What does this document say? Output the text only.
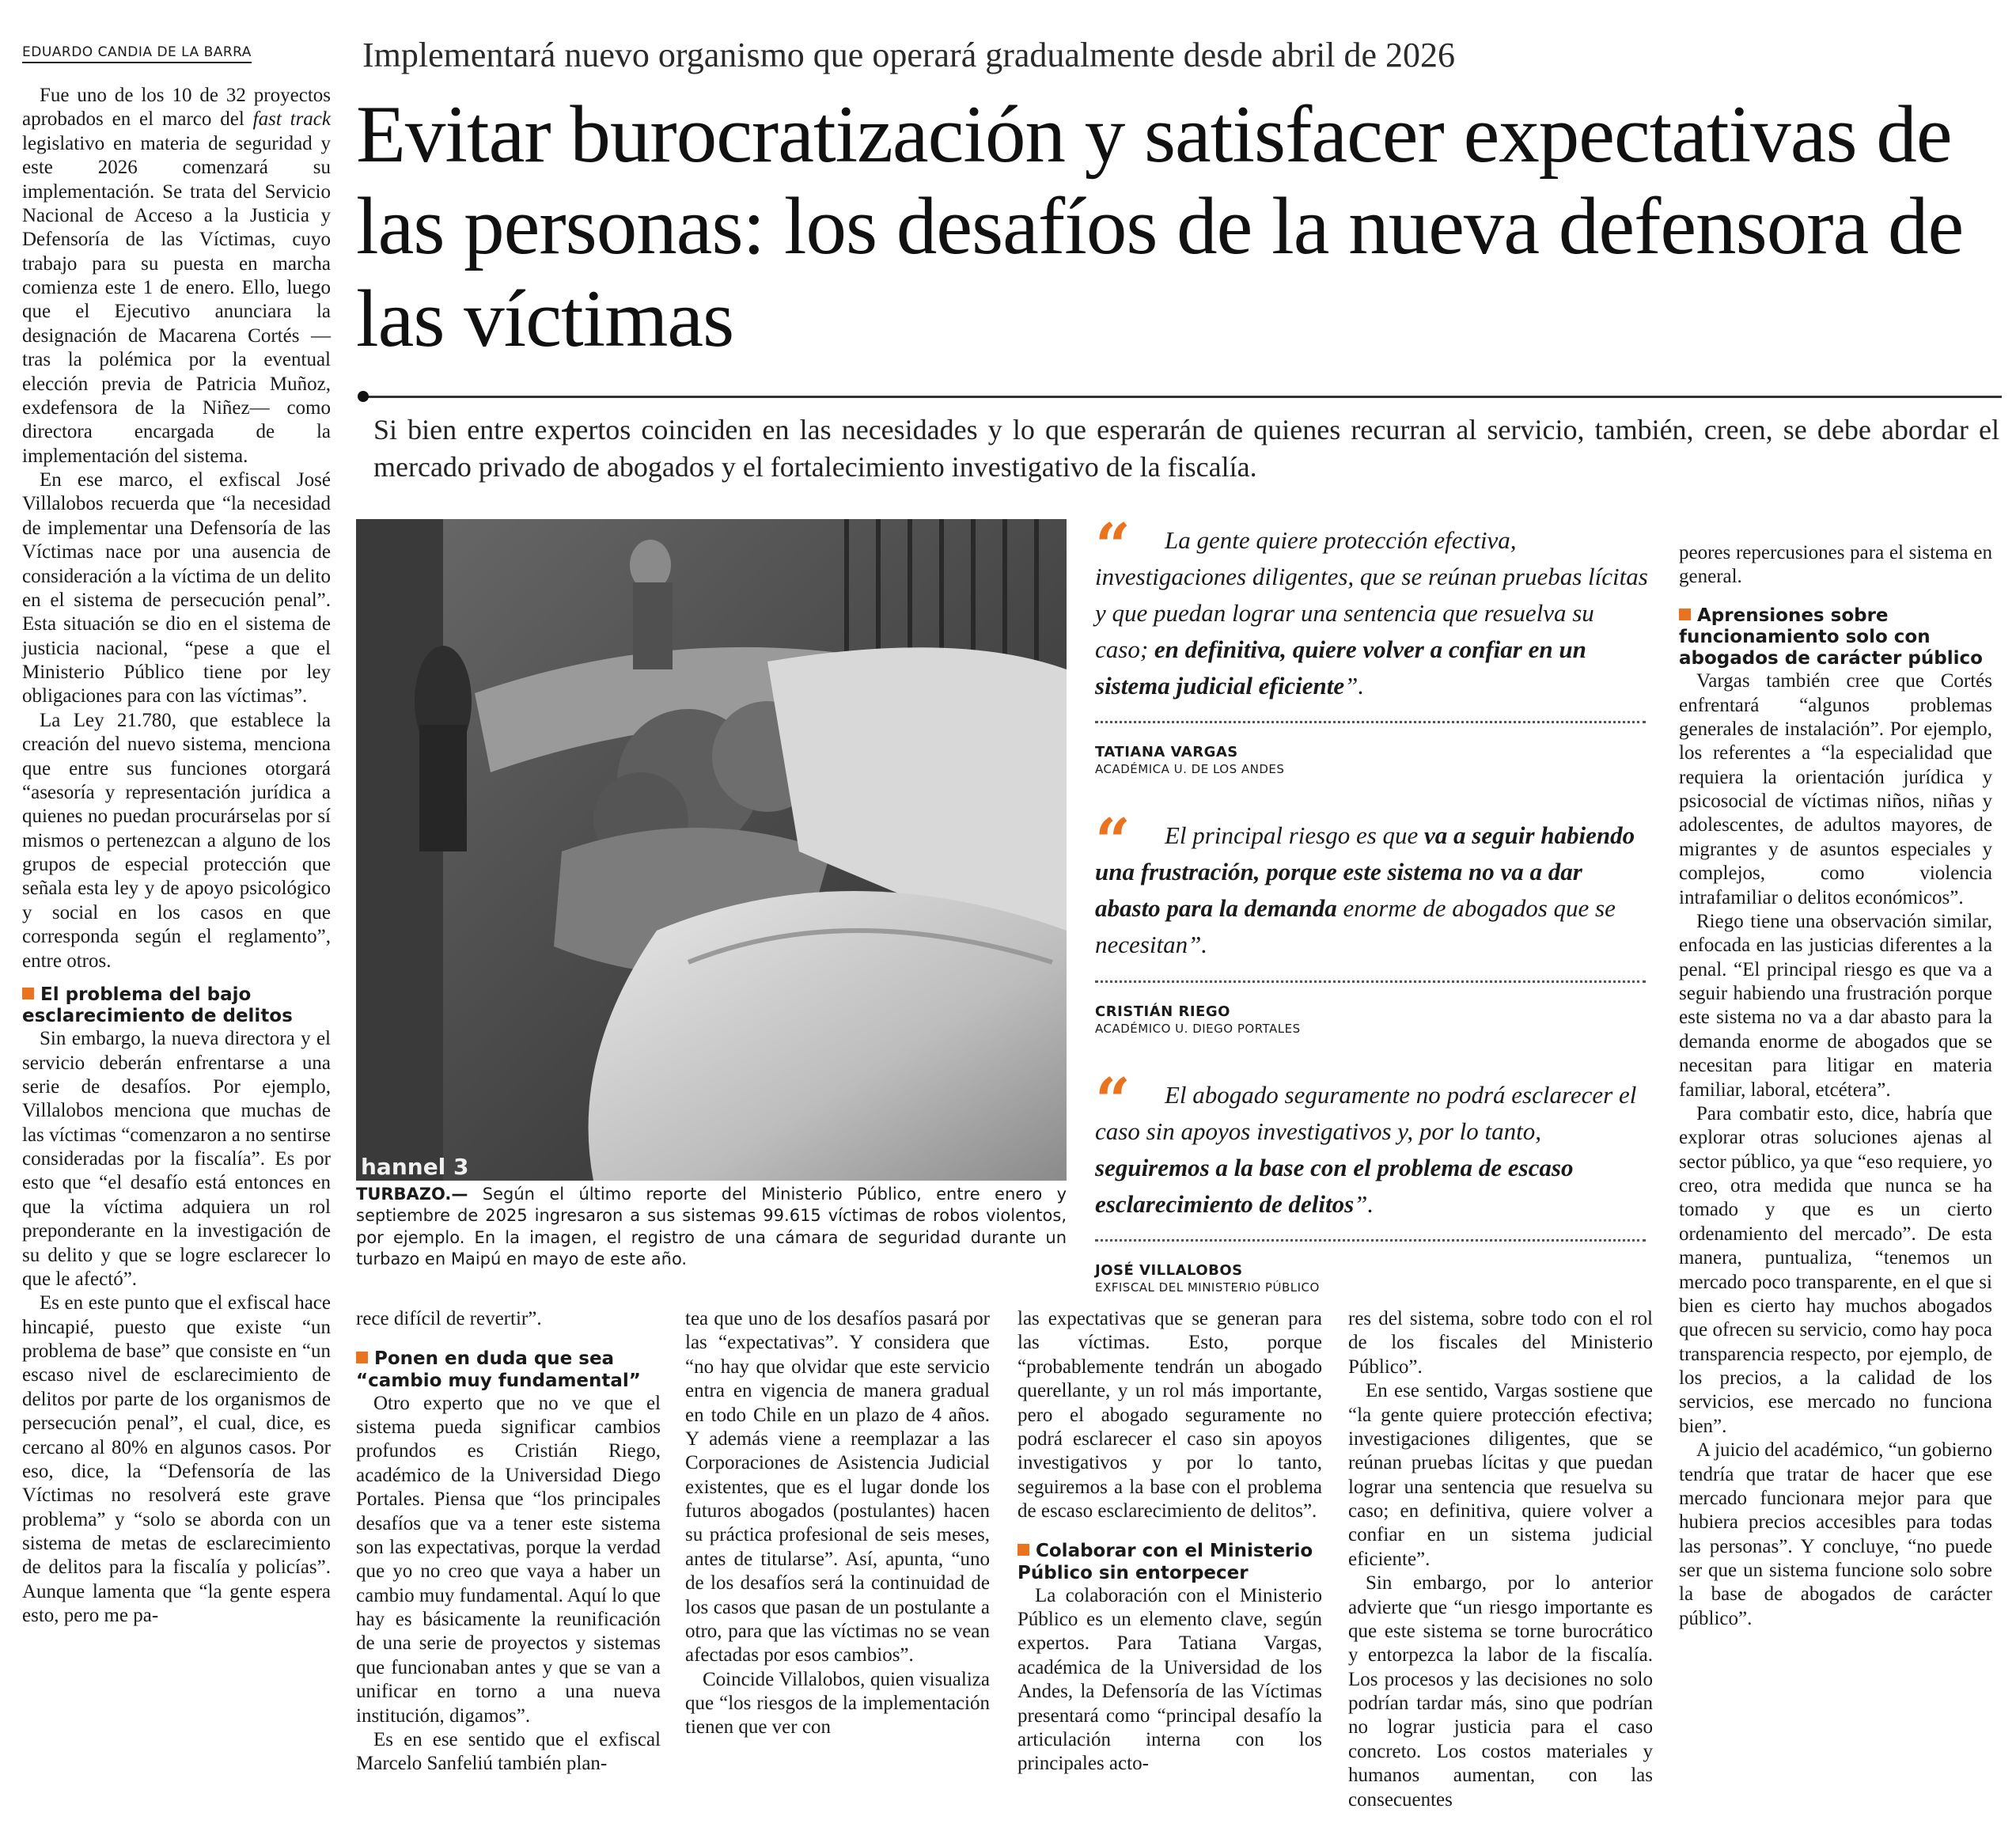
EDUARDO CANDIA DE LA BARRA	Implementará nuevo organismo que operará gradualmente desde abril de 2026
Evitar burocratización y satisfacer expectativas de las personas: los desafíos de la nueva defensora de las víctimas

Si bien entre expertos coinciden en las necesidades y lo que esperarán de quienes recurran al servicio, también, creen, se debe abordar el mercado privado de abogados y el fortalecimiento investigativo de la fiscalía.

Fue uno de los 10 de 32 proyectos aprobados en el marco del fast track legislativo en materia de seguridad y este 2026 comenzará su implementación. Se trata del Servicio Nacional de Acceso a la Justicia y Defensoría de las Víctimas, cuyo trabajo para su puesta en marcha comienza este 1 de enero. Ello, luego que el Ejecutivo anunciara la designación de Macarena Cortés —tras la polémica por la eventual elección previa de Patricia Muñoz, exdefensora de la Niñez— como directora encargada de la implementación del sistema.

En ese marco, el exfiscal José Villalobos recuerda que “la necesidad de implementar una Defensoría de las Víctimas nace por una ausencia de consideración a la víctima de un delito en el sistema de persecución penal”. Esta situación se dio en el sistema de justicia nacional, “pese a que el Ministerio Público tiene por ley obligaciones para con las víctimas”.

La Ley 21.780, que establece la creación del nuevo sistema, menciona que entre sus funciones otorgará “asesoría y representación jurídica a quienes no puedan procurárselas por sí mismos o pertenezcan a alguno de los grupos de especial protección que señala esta ley y de apoyo psicológico y social en los casos en que corresponda según el reglamento”, entre otros.

El problema del bajo esclarecimiento de delitos

Sin embargo, la nueva directora y el servicio deberán enfrentarse a una serie de desafíos. Por ejemplo, Villalobos menciona que muchas de las víctimas “comenzaron a no sentirse consideradas por la fiscalía”. Es por esto que “el desafío está entonces en que la víctima adquiera un rol preponderante en la investigación de su delito y que se logre esclarecer lo que le afectó”.

Es en este punto que el exfiscal hace hincapié, puesto que existe “un problema de base” que consiste en “un escaso nivel de esclarecimiento de delitos por parte de los organismos de persecución penal”, el cual, dice, es cercano al 80% en algunos casos. Por eso, dice, la “Defensoría de las Víctimas no resolverá este grave problema” y “solo se aborda con un sistema de metas de esclarecimiento de delitos para la fiscalía y policías”. Aunque lamenta que “la gente espera esto, pero me pa-

hannel 3

TURBAZO.— Según el último reporte del Ministerio Público, entre enero y septiembre de 2025 ingresaron a sus sistemas 99.615 víctimas de robos violentos, por ejemplo. En la imagen, el registro de una cámara de seguridad durante un turbazo en Maipú en mayo de este año.

“	La gente quiere protección efectiva, investigaciones diligentes, que se reúnan pruebas lícitas y que puedan lograr una sentencia que resuelva su caso; en definitiva, quiere volver a confiar en un sistema judicial eficiente”.

TATIANA VARGAS
ACADÉMICA U. DE LOS ANDES
“	El principal riesgo es que va a seguir habiendo una frustración, porque este sistema no va a dar abasto para la demanda enorme de abogados que se necesitan”.

CRISTIÁN RIEGO
ACADÉMICO U. DIEGO PORTALES
“	El abogado seguramente no podrá esclarecer el caso sin apoyos investigativos y, por lo tanto, seguiremos a la base con el problema de escaso esclarecimiento de delitos”.

JOSÉ VILLALOBOS
EXFISCAL DEL MINISTERIO PÚBLICO

rece difícil de revertir”.

Ponen en duda que sea “cambio muy fundamental”

Otro experto que no ve que el sistema pueda significar cambios profundos es Cristián Riego, académico de la Universidad Diego Portales. Piensa que “los principales desafíos que va a tener este sistema son las expectativas, porque la verdad que yo no creo que vaya a haber un cambio muy fundamental. Aquí lo que hay es básicamente la reunificación de una serie de proyectos y sistemas que funcionaban antes y que se van a unificar en torno a una nueva institución, digamos”.

Es en ese sentido que el exfiscal Marcelo Sanfeliú también plan-

tea que uno de los desafíos pasará por las “expectativas”. Y considera que “no hay que olvidar que este servicio entra en vigencia de manera gradual en todo Chile en un plazo de 4 años. Y además viene a reemplazar a las Corporaciones de Asistencia Judicial existentes, que es el lugar donde los futuros abogados (postulantes) hacen su práctica profesional de seis meses, antes de titularse”. Así, apunta, “uno de los desafíos será la continuidad de los casos que pasan de un postulante a otro, para que las víctimas no se vean afectadas por esos cambios”.

Coincide Villalobos, quien visualiza que “los riesgos de la implementación tienen que ver con

las expectativas que se generan para las víctimas. Esto, porque “probablemente tendrán un abogado querellante, y un rol más importante, pero el abogado seguramente no podrá esclarecer el caso sin apoyos investigativos y por lo tanto, seguiremos a la base con el problema de escaso esclarecimiento de delitos”.

Colaborar con el Ministerio Público sin entorpecer

La colaboración con el Ministerio Público es un elemento clave, según expertos. Para Tatiana Vargas, académica de la Universidad de los Andes, la Defensoría de las Víctimas presentará como “principal desafío la articulación interna con los principales acto-

res del sistema, sobre todo con el rol de los fiscales del Ministerio Público”.

En ese sentido, Vargas sostiene que “la gente quiere protección efectiva; investigaciones diligentes, que se reúnan pruebas lícitas y que puedan lograr una sentencia que resuelva su caso; en definitiva, quiere volver a confiar en un sistema judicial eficiente”.

Sin embargo, por lo anterior advierte que “un riesgo importante es que este sistema se torne burocrático y entorpezca la labor de la fiscalía. Los procesos y las decisiones no solo podrían tardar más, sino que podrían no lograr justicia para el caso concreto. Los costos materiales y humanos aumentan, con las consecuentes

peores repercusiones para el sistema en general.

Aprensiones sobre funcionamiento solo con abogados de carácter público

Vargas también cree que Cortés enfrentará “algunos problemas generales de instalación”. Por ejemplo, los referentes a “la especialidad que requiera la orientación jurídica y psicosocial de víctimas niños, niñas y adolescentes, de adultos mayores, de migrantes y de asuntos especiales y complejos, como violencia intrafamiliar o delitos económicos”.

Riego tiene una observación similar, enfocada en las justicias diferentes a la penal. “El principal riesgo es que va a seguir habiendo una frustración porque este sistema no va a dar abasto para la demanda enorme de abogados que se necesitan para litigar en materia familiar, laboral, etcétera”.

Para combatir esto, dice, habría que explorar otras soluciones ajenas al sector público, ya que “eso requiere, yo creo, otra medida que nunca se ha tomado y que es un cierto ordenamiento del mercado”. De esta manera, puntualiza, “tenemos un mercado poco transparente, en el que si bien es cierto hay muchos abogados que ofrecen su servicio, como hay poca transparencia respecto, por ejemplo, de los precios, a la calidad de los servicios, ese mercado no funciona bien”.

A juicio del académico, “un gobierno tendría que tratar de hacer que ese mercado funcionara mejor para que hubiera precios accesibles para todas las personas”. Y concluye, “no puede ser que un sistema funcione solo sobre la base de abogados de carácter público”.
